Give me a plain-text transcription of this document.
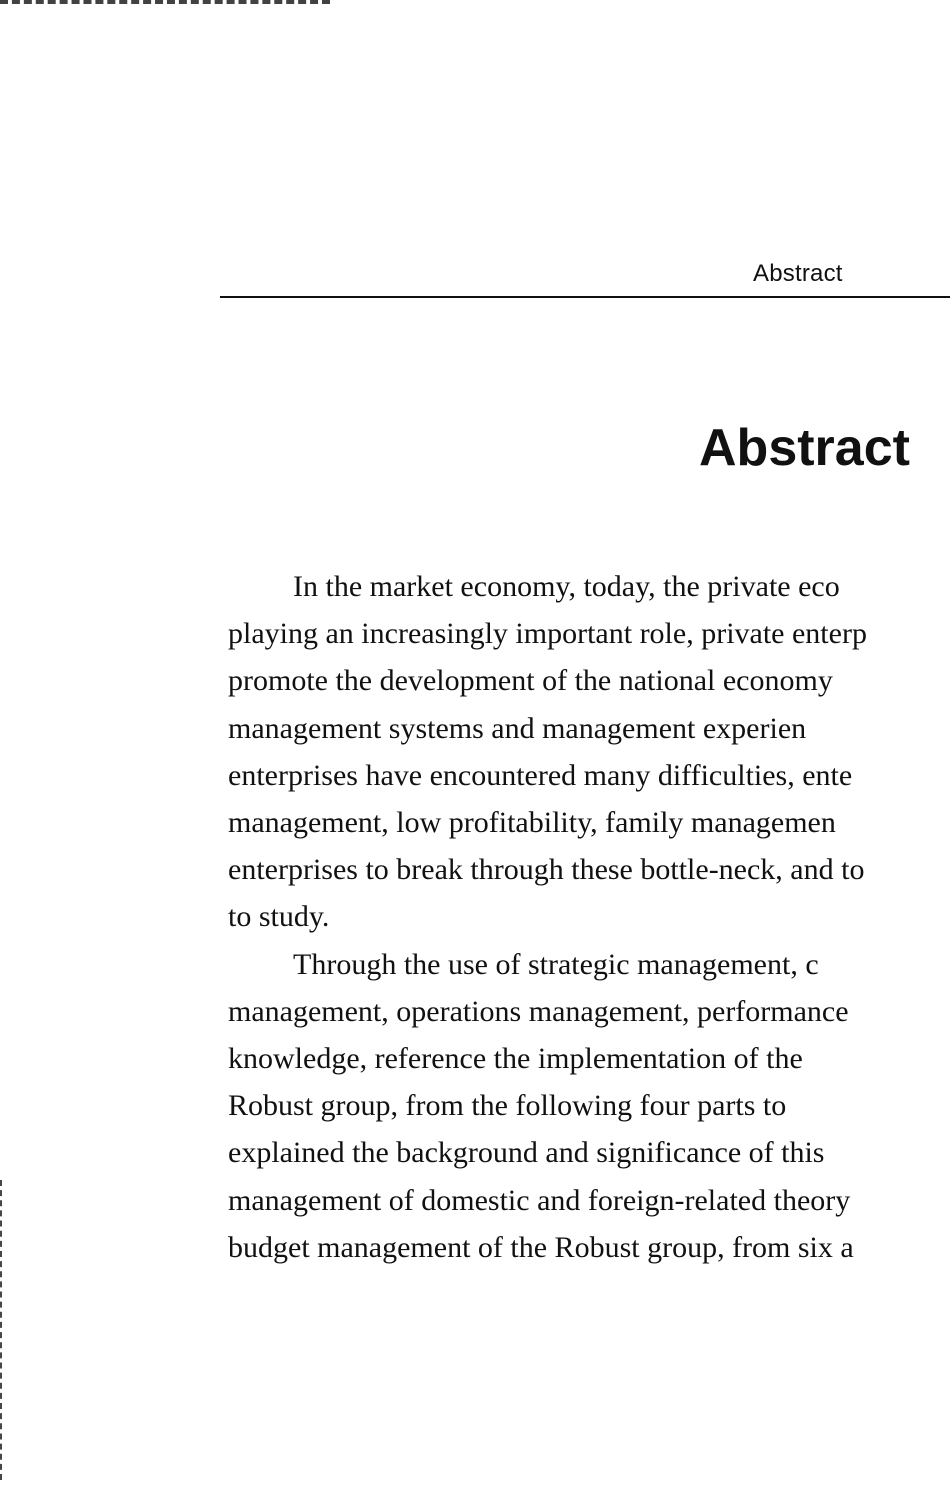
Abstract
Abstract

In the market economy, today, the private eco
playing an increasingly important role, private enterp
promote the development of the national economy
management systems and management experien
enterprises have encountered many difficulties, ente
management, low profitability, family managemen
enterprises to break through these bottle-neck, and to
to study.

Through the use of strategic management, c
management, operations management, performance
knowledge, reference the implementation of the
Robust group, from the following four parts to
explained the background and significance of this
management of domestic and foreign-related theory
budget management of the Robust group, from six a
